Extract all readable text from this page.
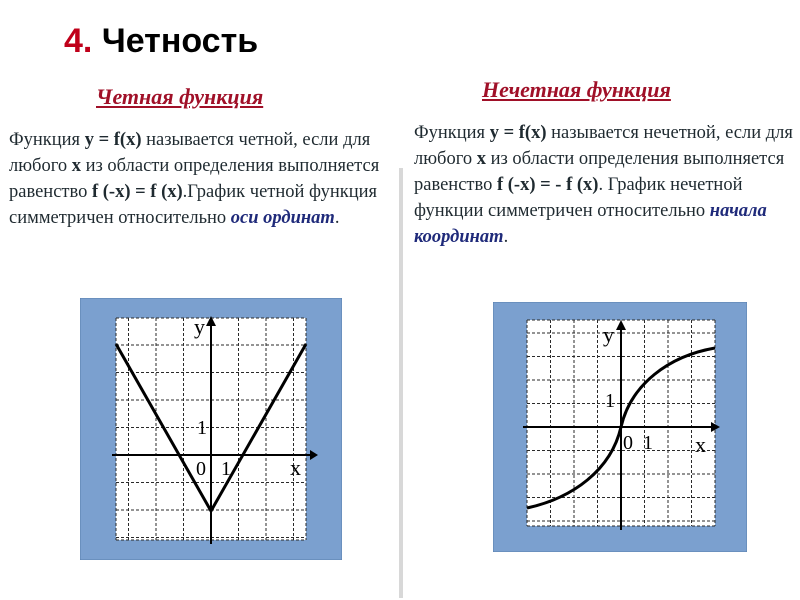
4. Четность
Четная функция	Нечетная функция

Функция y = f(x) называется четной, если для любого х из области определения выполняется равенство f (-x) = f (x).График четной функция симметричен относительно оси ординат.

Функция y = f(x) называется нечетной, если для любого х из области определения выполняется равенство f (-x) = - f (x). График нечетной функции симметричен относительно начала координат.

y
x
0 1
1
y
x
0 1
1
